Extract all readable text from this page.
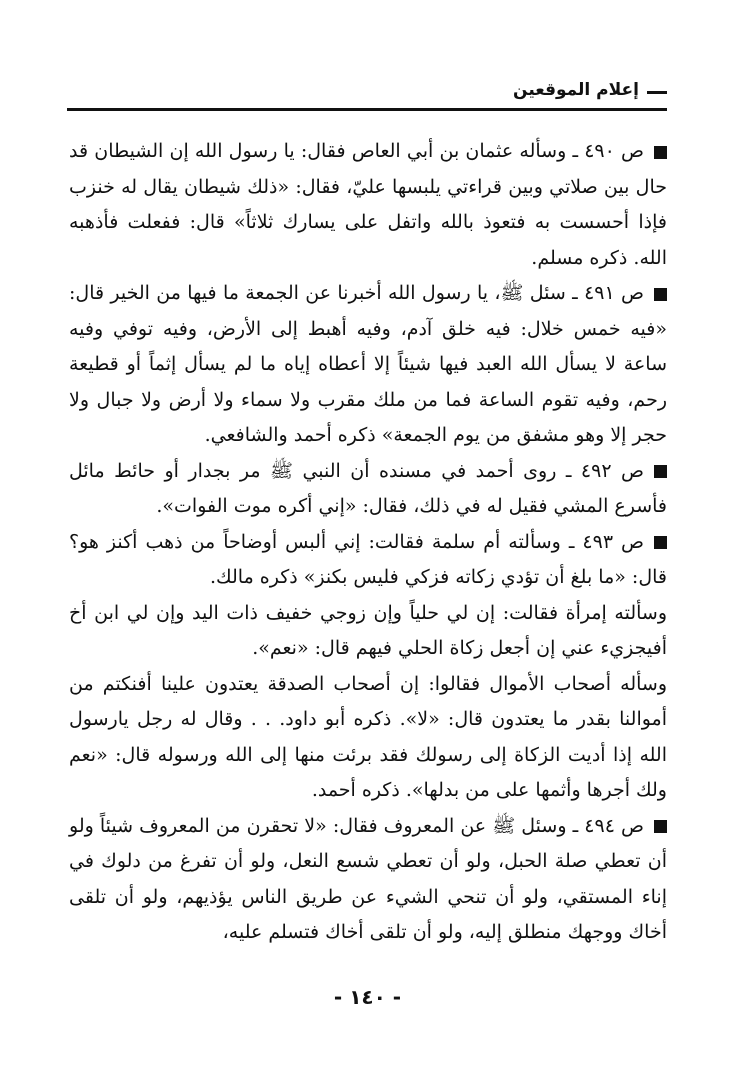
إعلام الموقعين

ص ٤٩٠ ـ وسأله عثمان بن أبي العاص فقال: يا رسول الله إن الشيطان قد حال بين صلاتي وبين قراءتي يلبسها عليّ، فقال: «ذلك شيطان يقال له خنزب فإذا أحسست به فتعوذ بالله واتفل على يسارك ثلاثاً» قال: ففعلت فأذهبه الله. ذكره مسلم.

ص ٤٩١ ـ سئل ﷺ، يا رسول الله أخبرنا عن الجمعة ما فيها من الخير قال: «فيه خمس خلال: فيه خلق آدم، وفيه أهبط إلى الأرض، وفيه توفي وفيه ساعة لا يسأل الله العبد فيها شيئاً إلا أعطاه إياه ما لم يسأل إثماً أو قطيعة رحم، وفيه تقوم الساعة فما من ملك مقرب ولا سماء ولا أرض ولا جبال ولا حجر إلا وهو مشفق من يوم الجمعة» ذكره أحمد والشافعي.

ص ٤٩٢ ـ روى أحمد في مسنده أن النبي ﷺ مر بجدار أو حائط مائل فأسرع المشي فقيل له في ذلك، فقال: «إني أكره موت الفوات».

ص ٤٩٣ ـ وسألته أم سلمة فقالت: إني ألبس أوضاحاً من ذهب أكنز هو؟ قال: «ما بلغ أن تؤدي زكاته فزكي فليس بكنز» ذكره مالك.

وسألته إمرأة فقالت: إن لي حلياً وإن زوجي خفيف ذات اليد وإن لي ابن أخ أفيجزيء عني إن أجعل زكاة الحلي فيهم قال: «نعم».

وسأله أصحاب الأموال فقالوا: إن أصحاب الصدقة يعتدون علينا أفنكتم من أموالنا بقدر ما يعتدون قال: «لا». ذكره أبو داود. . . وقال له رجل يارسول الله إذا أديت الزكاة إلى رسولك فقد برئت منها إلى الله ورسوله قال: «نعم ولك أجرها وأثمها على من بدلها». ذكره أحمد.

ص ٤٩٤ ـ وسئل ﷺ عن المعروف فقال: «لا تحقرن من المعروف شيئاً ولو أن تعطي صلة الحبل، ولو أن تعطي شسع النعل، ولو أن تفرغ من دلوك في إناء المستقي، ولو أن تنحي الشيء عن طريق الناس يؤذيهم، ولو أن تلقى أخاك ووجهك منطلق إليه، ولو أن تلقى أخاك فتسلم عليه،

- ١٤٠ -
